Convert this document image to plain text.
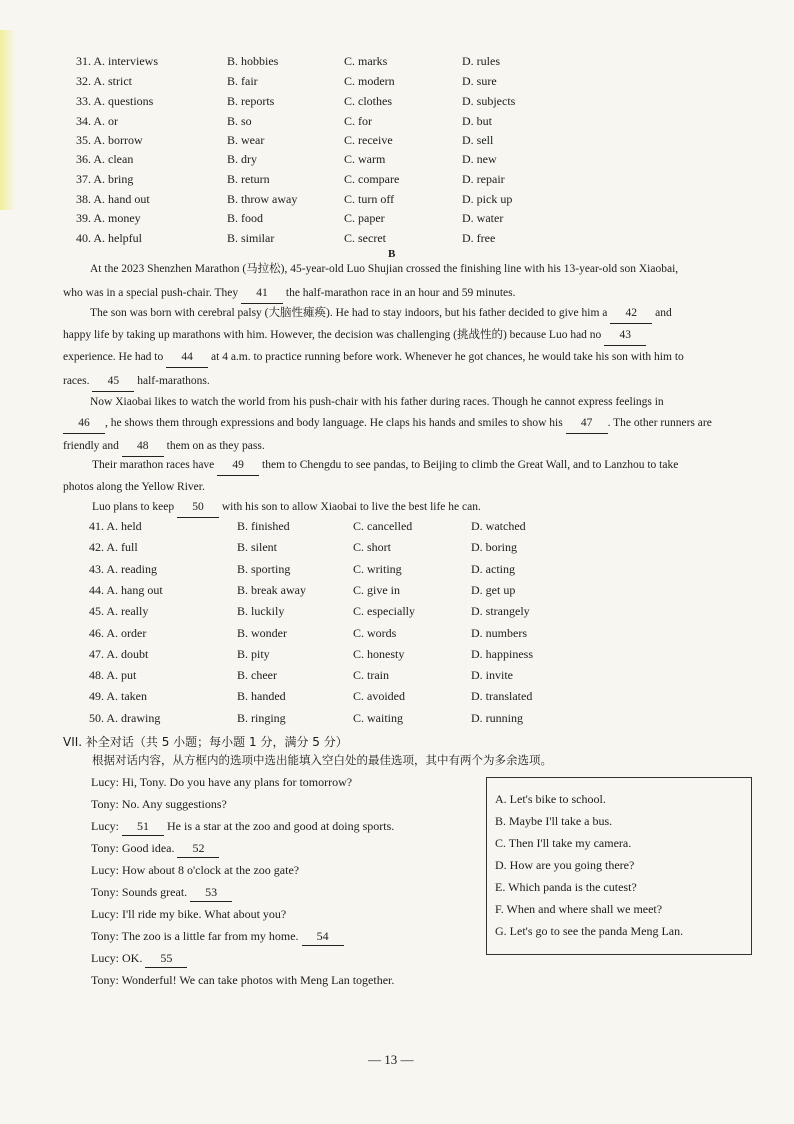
31. A. interviews	B. hobbies	C. marks	D. rules
32. A. strict	B. fair	C. modern	D. sure
33. A. questions	B. reports	C. clothes	D. subjects
34. A. or	B. so	C. for	D. but
35. A. borrow	B. wear	C. receive	D. sell
36. A. clean	B. dry	C. warm	D. new
37. A. bring	B. return	C. compare	D. repair
38. A. hand out	B. throw away	C. turn off	D. pick up
39. A. money	B. food	C. paper	D. water
40. A. helpful	B. similar	C. secret	D. free
B
At the 2023 Shenzhen Marathon (马拉松), 45-year-old Luo Shujian crossed the finishing line with his 13-year-old son Xiaobai,
who was in a special push-chair. They 41 the half-marathon race in an hour and 59 minutes.
The son was born with cerebral palsy (大脑性瘫痪). He had to stay indoors, but his father decided to give him a 42 and
happy life by taking up marathons with him. However, the decision was challenging (挑战性的) because Luo had no 43
experience. He had to 44 at 4 a.m. to practice running before work. Whenever he got chances, he would take his son with him to
races. 45 half-marathons.
Now Xiaobai likes to watch the world from his push-chair with his father during races. Though he cannot express feelings in
46 , he shows them through expressions and body language. He claps his hands and smiles to show his 47 . The other runners are
friendly and 48 them on as they pass.
Their marathon races have 49 them to Chengdu to see pandas, to Beijing to climb the Great Wall, and to Lanzhou to take
photos along the Yellow River.
Luo plans to keep 50 with his son to allow Xiaobai to live the best life he can.
41. A. held	B. finished	C. cancelled	D. watched
42. A. full	B. silent	C. short	D. boring
43. A. reading	B. sporting	C. writing	D. acting
44. A. hang out	B. break away	C. give in	D. get up
45. A. really	B. luckily	C. especially	D. strangely
46. A. order	B. wonder	C. words	D. numbers
47. A. doubt	B. pity	C. honesty	D. happiness
48. A. put	B. cheer	C. train	D. invite
49. A. taken	B. handed	C. avoided	D. translated
50. A. drawing	B. ringing	C. waiting	D. running
VII. 补全对话（共 5 小题；每小题 1 分，满分 5 分）
根据对话内容，从方框内的选项中选出能填入空白处的最佳选项，其中有两个为多余选项。
Lucy: Hi, Tony. Do you have any plans for tomorrow?
Tony: No. Any suggestions?
Lucy: 51 He is a star at the zoo and good at doing sports.
Tony: Good idea. 52
Lucy: How about 8 o'clock at the zoo gate?
Tony: Sounds great. 53
Lucy: I'll ride my bike. What about you?
Tony: The zoo is a little far from my home. 54
Lucy: OK. 55
Tony: Wonderful! We can take photos with Meng Lan together.
A. Let's bike to school.
B. Maybe I'll take a bus.
C. Then I'll take my camera.
D. How are you going there?
E. Which panda is the cutest?
F. When and where shall we meet?
G. Let's go to see the panda Meng Lan.
— 13 —
